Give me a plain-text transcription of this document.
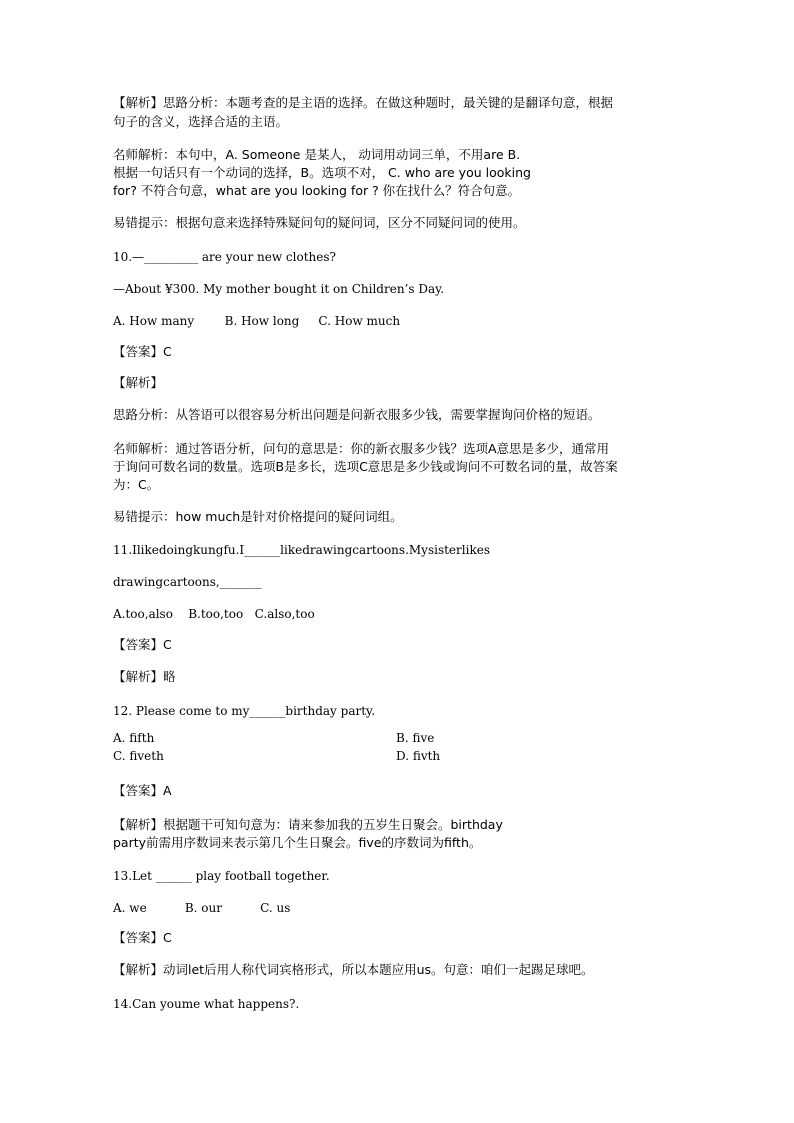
【解析】思路分析：本题考查的是主语的选择。在做这种题时，最关键的是翻译句意，根据
句子的含义，选择合适的主语。
名师解析：本句中，A. Someone 是某人， 动词用动词三单，不用are B.
根据一句话只有一个动词的选择，B。选项不对， C. who are you looking
for? 不符合句意，what are you looking for ? 你在找什么？符合句意。
易错提示：根据句意来选择特殊疑问句的疑问词，区分不同疑问词的使用。
10.—_________ are your new clothes?
—About ¥300. My mother bought it on Children’s Day.
A. How many        B. How long     C. How much
【答案】C
【解析】
思路分析：从答语可以很容易分析出问题是问新衣服多少钱，需要掌握询问价格的短语。
名师解析：通过答语分析，问句的意思是：你的新衣服多少钱？选项A意思是多少，通常用
于询问可数名词的数量。选项B是多长，选项C意思是多少钱或询问不可数名词的量，故答案
为：C。
易错提示：how much是针对价格提问的疑问词组。
11.Ilikedoingkungfu.I______likedrawingcartoons.Mysisterlikes
drawingcartoons,_______
A.too,also    B.too,too   C.also,too
【答案】C
【解析】略
12. Please come to my______birthday party.
A. fifth	B. five
C. fiveth	D. fivth
【答案】A
【解析】根据题干可知句意为：请来参加我的五岁生日聚会。birthday
party前需用序数词来表示第几个生日聚会。five的序数词为fifth。
13.Let ______ play football together.
A. we          B. our          C. us
【答案】C
【解析】动词let后用人称代词宾格形式，所以本题应用us。句意：咱们一起踢足球吧。
14.Can youme what happens?.
